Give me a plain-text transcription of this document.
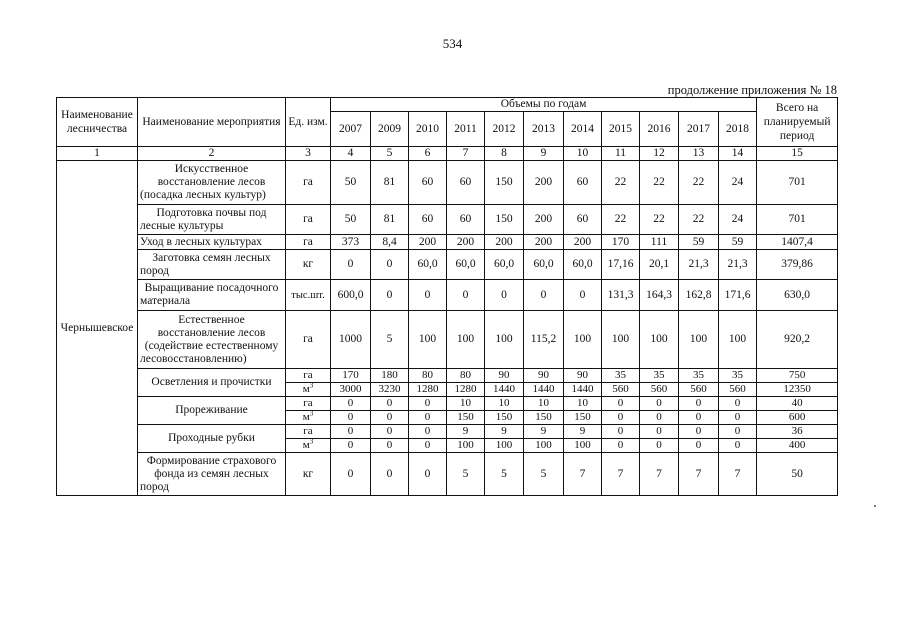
534
продолжение приложения № 18
Наименование лесничества	Наименование мероприятия	Ед. изм.	Объемы по годам											Всего на планируемый период
			2007	2009	2010	2011	2012	2013	2014	2015	2016	2017	2018	
1	2	3	4	5	6	7	8	9	10	11	12	13	14	15
Чернышевское	Искусственное восстановление лесов (посадка лесных культур)	га	50	81	60	60	150	200	60	22	22	22	24	701
	Подготовка почвы под лесные культуры	га	50	81	60	60	150	200	60	22	22	22	24	701
	Уход в лесных культурах	га	373	8,4	200	200	200	200	200	170	111	59	59	1407,4
	Заготовка семян лесных пород	кг	0	0	60,0	60,0	60,0	60,0	60,0	17,16	20,1	21,3	21,3	379,86
	Выращивание посадочного материала	тыс.шт.	600,0	0	0	0	0	0	0	131,3	164,3	162,8	171,6	630,0
	Естественное восстановление лесов (содействие естественному лесовосстановлению)	га	1000	5	100	100	100	115,2	100	100	100	100	100	920,2
	Осветления и прочистки	га	170	180	80	80	90	90	90	35	35	35	35	750
		$м^3$	3000	3230	1280	1280	1440	1440	1440	560	560	560	560	12350
	Прореживание	га	0	0	0	10	10	10	10	0	0	0	0	40
		$м^3$	0	0	0	150	150	150	150	0	0	0	0	600
	Проходные рубки	га	0	0	0	9	9	9	9	0	0	0	0	36
		$м^3$	0	0	0	100	100	100	100	0	0	0	0	400
	Формирование страхового фонда из семян лесных пород	кг	0	0	0	5	5	5	7	7	7	7	7	50
